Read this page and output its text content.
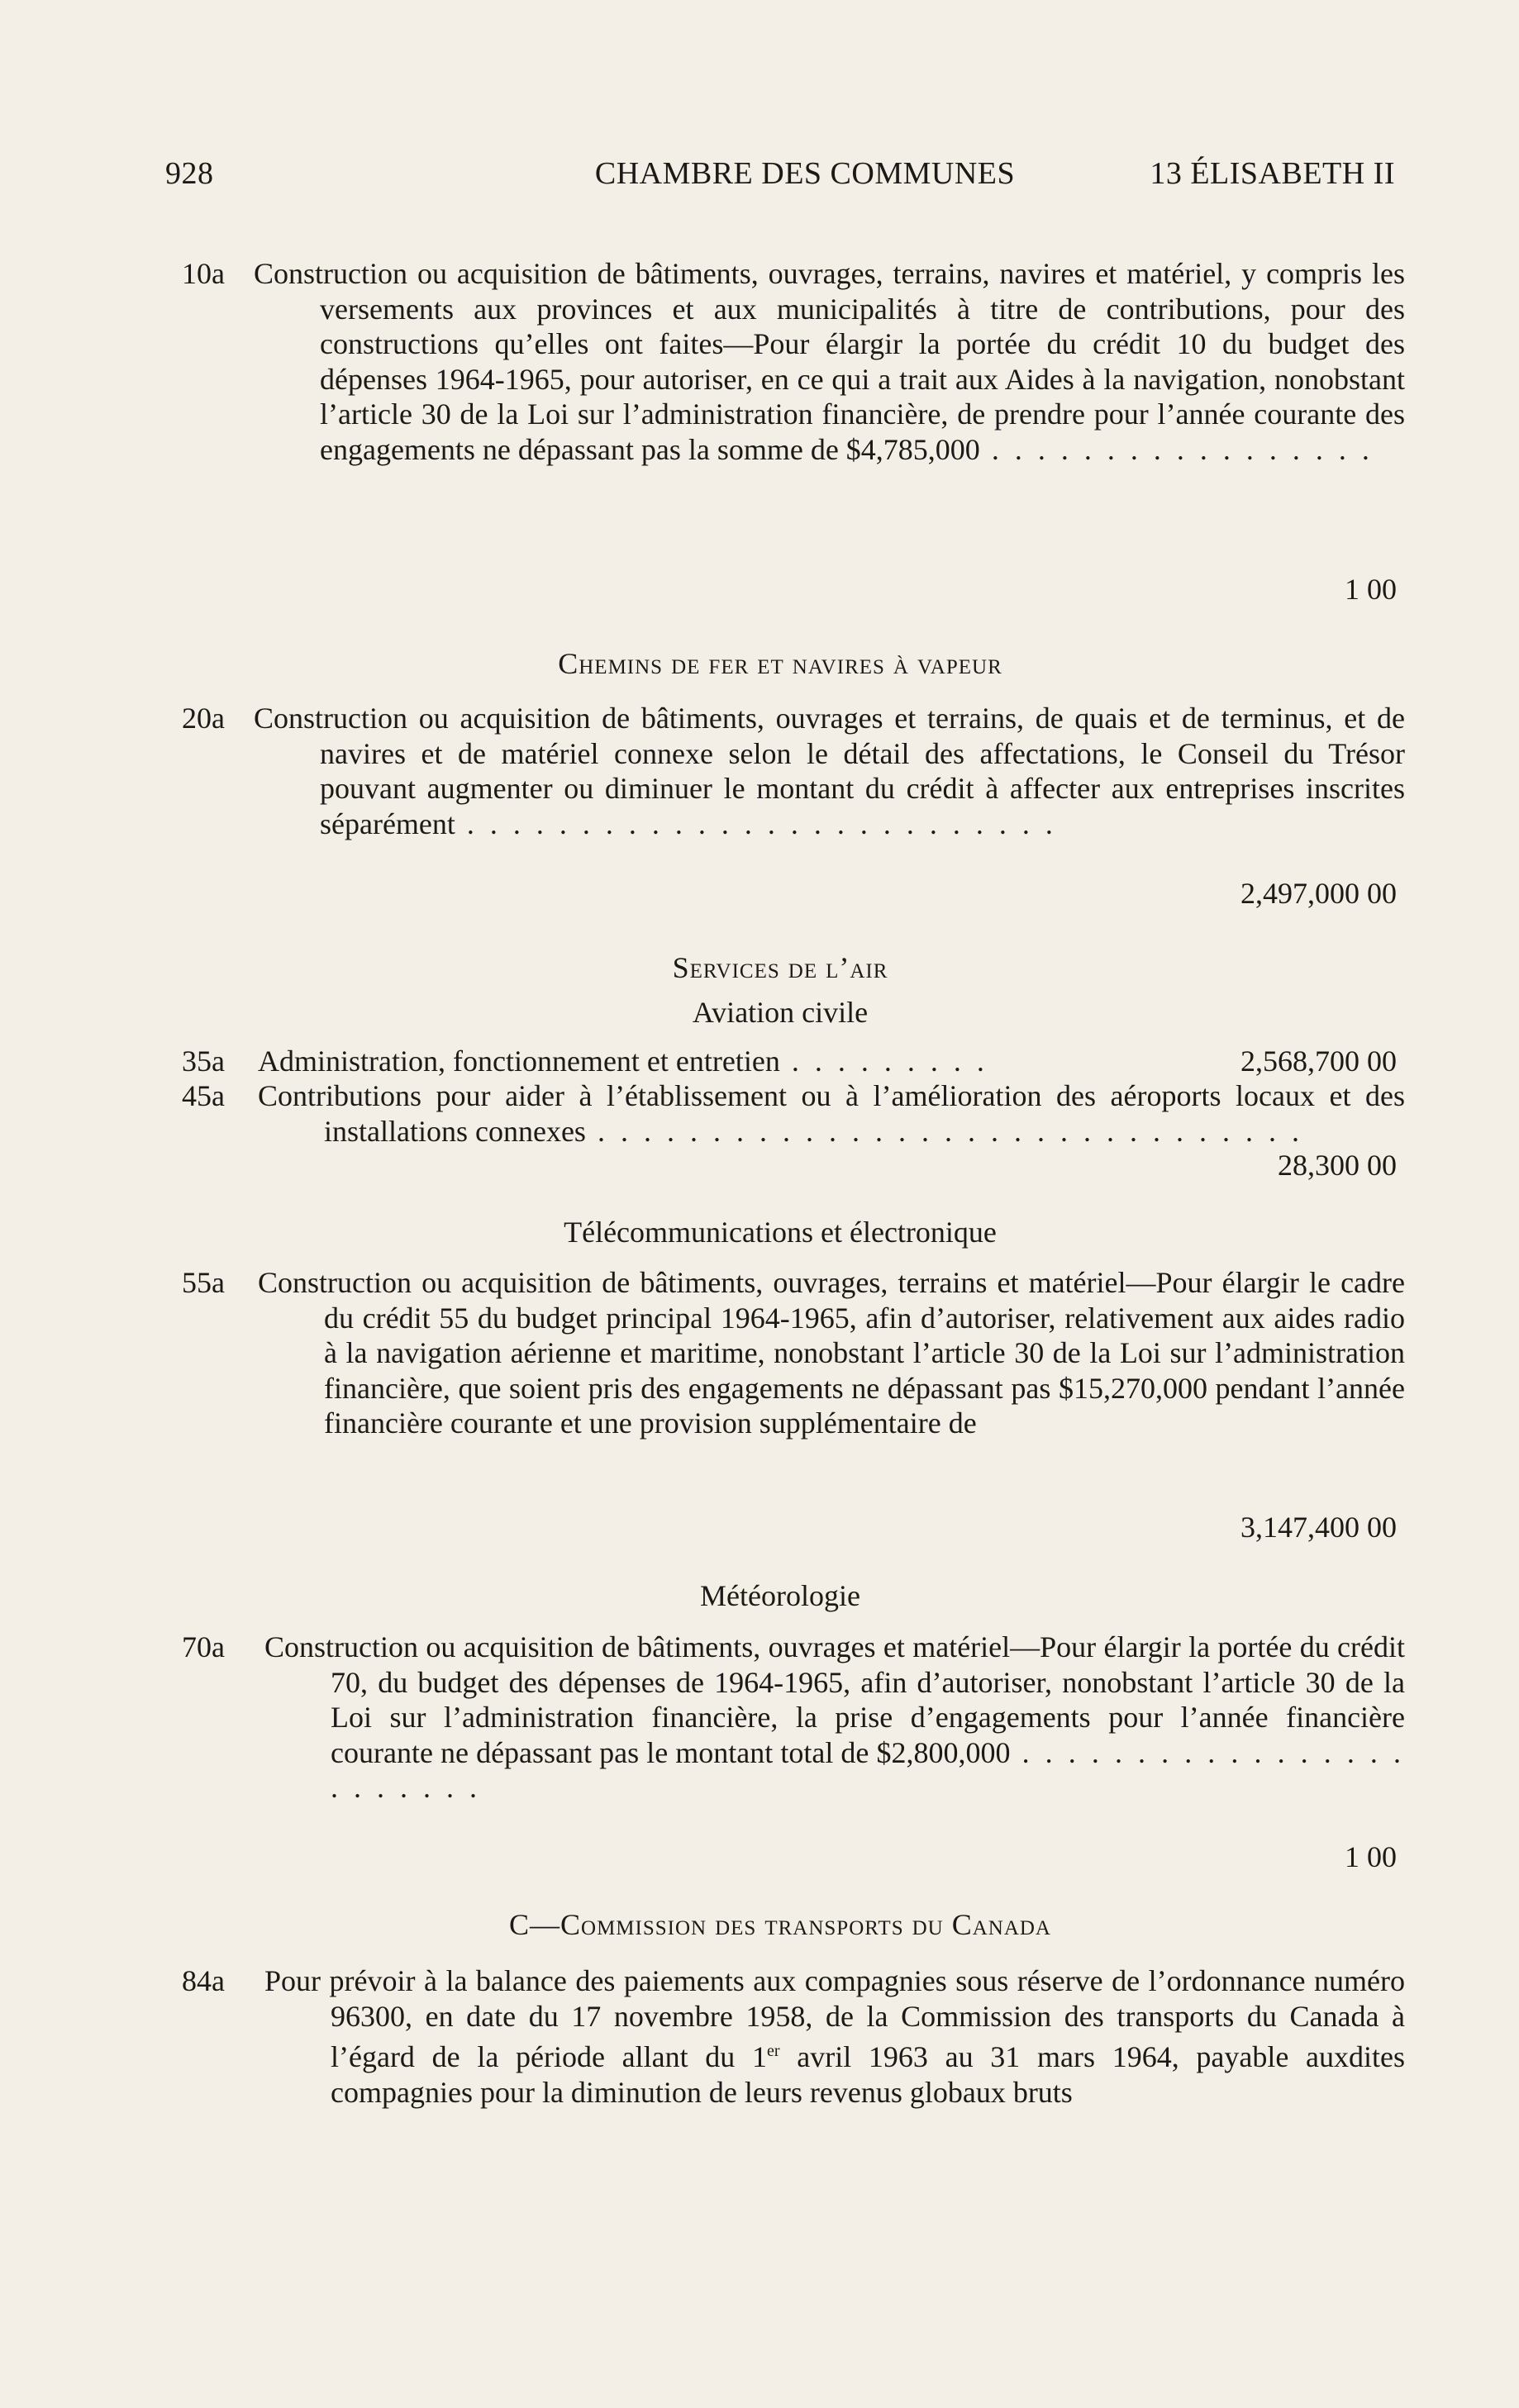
928	CHAMBRE DES COMMUNES	13 ÉLISABETH II
10a Construction ou acquisition de bâtiments, ouvrages, terrains, navires et matériel, y compris les versements aux provinces et aux municipalités à titre de contributions, pour des constructions qu’elles ont faites—Pour élargir la portée du crédit 10 du budget des dépenses 1964-1965, pour autoriser, en ce qui a trait aux Aides à la navigation, nonobstant l’article 30 de la Loi sur l’administration financière, de prendre pour l’année courante des engagements ne dépassant pas la somme de $4,785,000 . . . . . . . . . . . . . . . . .
1 00
Chemins de fer et navires à vapeur
20a Construction ou acquisition de bâtiments, ouvrages et terrains, de quais et de terminus, et de navires et de matériel connexe selon le détail des affectations, le Conseil du Trésor pouvant augmenter ou diminuer le montant du crédit à affecter aux entreprises inscrites séparément . . . . . . . . . . . . . . . . . . . . . . . . . .
2,497,000 00
Services de l’air
Aviation civile
35a Administration, fonctionnement et entretien . . . . . . . . .	2,568,700 00
45a Contributions pour aider à l’établissement ou à l’amélioration des aéroports locaux et des installations connexes . . . . . . . . . . . . . . . . . . . . . . . . . . . . . . .
28,300 00
Télécommunications et électronique
55a Construction ou acquisition de bâtiments, ouvrages, terrains et matériel—Pour élargir le cadre du crédit 55 du budget principal 1964-1965, afin d’autoriser, relativement aux aides radio à la navigation aérienne et maritime, nonobstant l’article 30 de la Loi sur l’administration financière, que soient pris des engagements ne dépassant pas $15,270,000 pendant l’année financière courante et une provision supplémentaire de
3,147,400 00
Météorologie
70a Construction ou acquisition de bâtiments, ouvrages et matériel—Pour élargir la portée du crédit 70, du budget des dépenses de 1964-1965, afin d’autoriser, nonobstant l’article 30 de la Loi sur l’administration financière, la prise d’engagements pour l’année financière courante ne dépassant pas le montant total de $2,800,000 . . . . . . . . . . . . . . . . . . . . . . . .
1 00
C—Commission des transports du Canada
84a Pour prévoir à la balance des paiements aux compagnies sous réserve de l’ordonnance numéro 96300, en date du 17 novembre 1958, de la Commission des transports du Canada à l’égard de la période allant du 1er avril 1963 au 31 mars 1964, payable auxdites compagnies pour la diminution de leurs revenus globaux bruts
